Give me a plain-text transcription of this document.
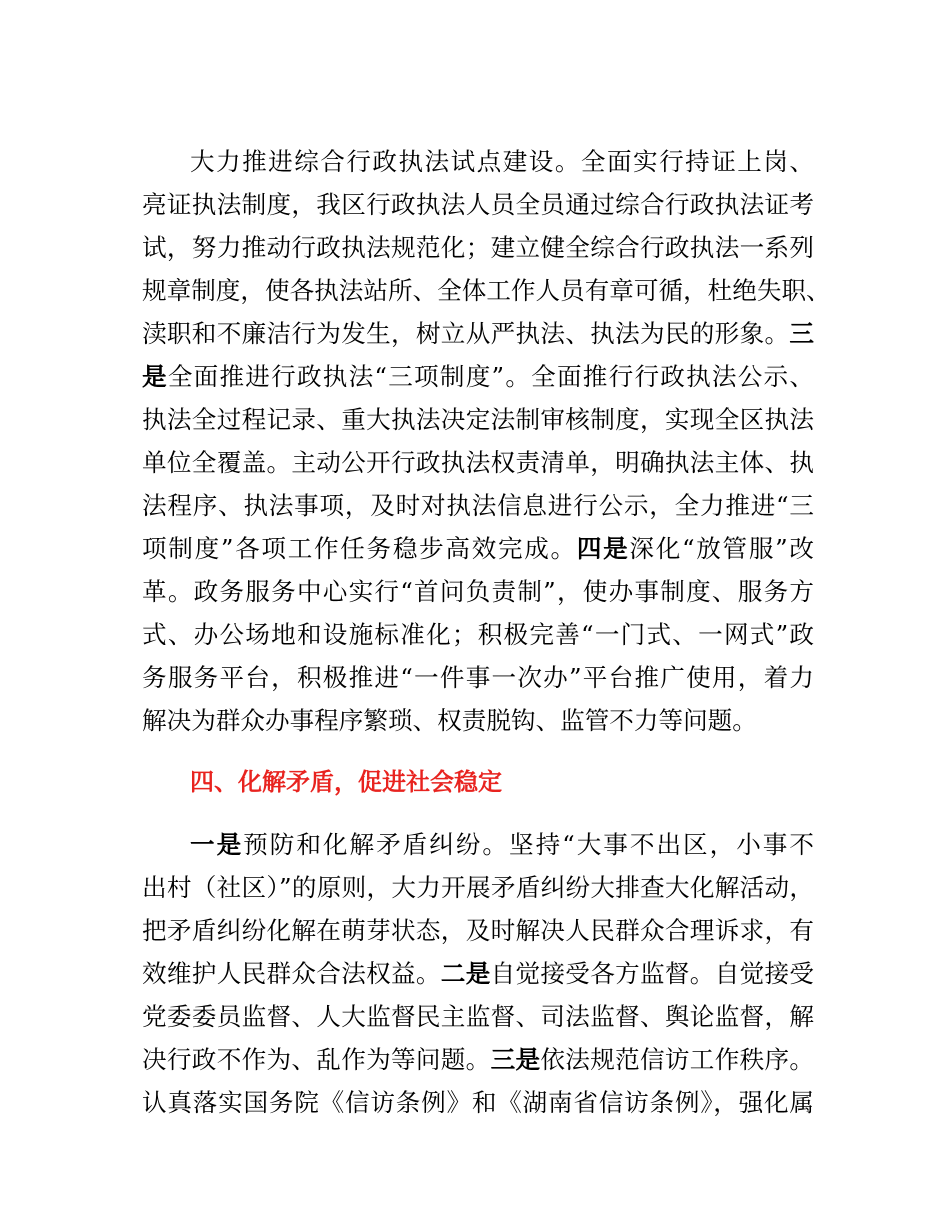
大力推进综合行政执法试点建设。全面实行持证上岗、
亮证执法制度，我区行政执法人员全员通过综合行政执法证考
试，努力推动行政执法规范化；建立健全综合行政执法一系列
规章制度，使各执法站所、全体工作人员有章可循，杜绝失职、
渎职和不廉洁行为发生，树立从严执法、执法为民的形象。三
是全面推进行政执法“三项制度”。全面推行行政执法公示、
执法全过程记录、重大执法决定法制审核制度，实现全区执法
单位全覆盖。主动公开行政执法权责清单，明确执法主体、执
法程序、执法事项，及时对执法信息进行公示，全力推进“三
项制度”各项工作任务稳步高效完成。四是深化“放管服”改
革。政务服务中心实行“首问负责制”，使办事制度、服务方
式、办公场地和设施标准化；积极完善“一门式、一网式”政
务服务平台，积极推进“一件事一次办”平台推广使用，着力
解决为群众办事程序繁琐、权责脱钩、监管不力等问题。
四、化解矛盾，促进社会稳定
一是预防和化解矛盾纠纷。坚持“大事不出区，小事不
出村（社区）”的原则，大力开展矛盾纠纷大排查大化解活动，
把矛盾纠纷化解在萌芽状态，及时解决人民群众合理诉求，有
效维护人民群众合法权益。二是自觉接受各方监督。自觉接受
党委委员监督、人大监督民主监督、司法监督、舆论监督，解
决行政不作为、乱作为等问题。三是依法规范信访工作秩序。
认真落实国务院《信访条例》和《湖南省信访条例》，强化属
